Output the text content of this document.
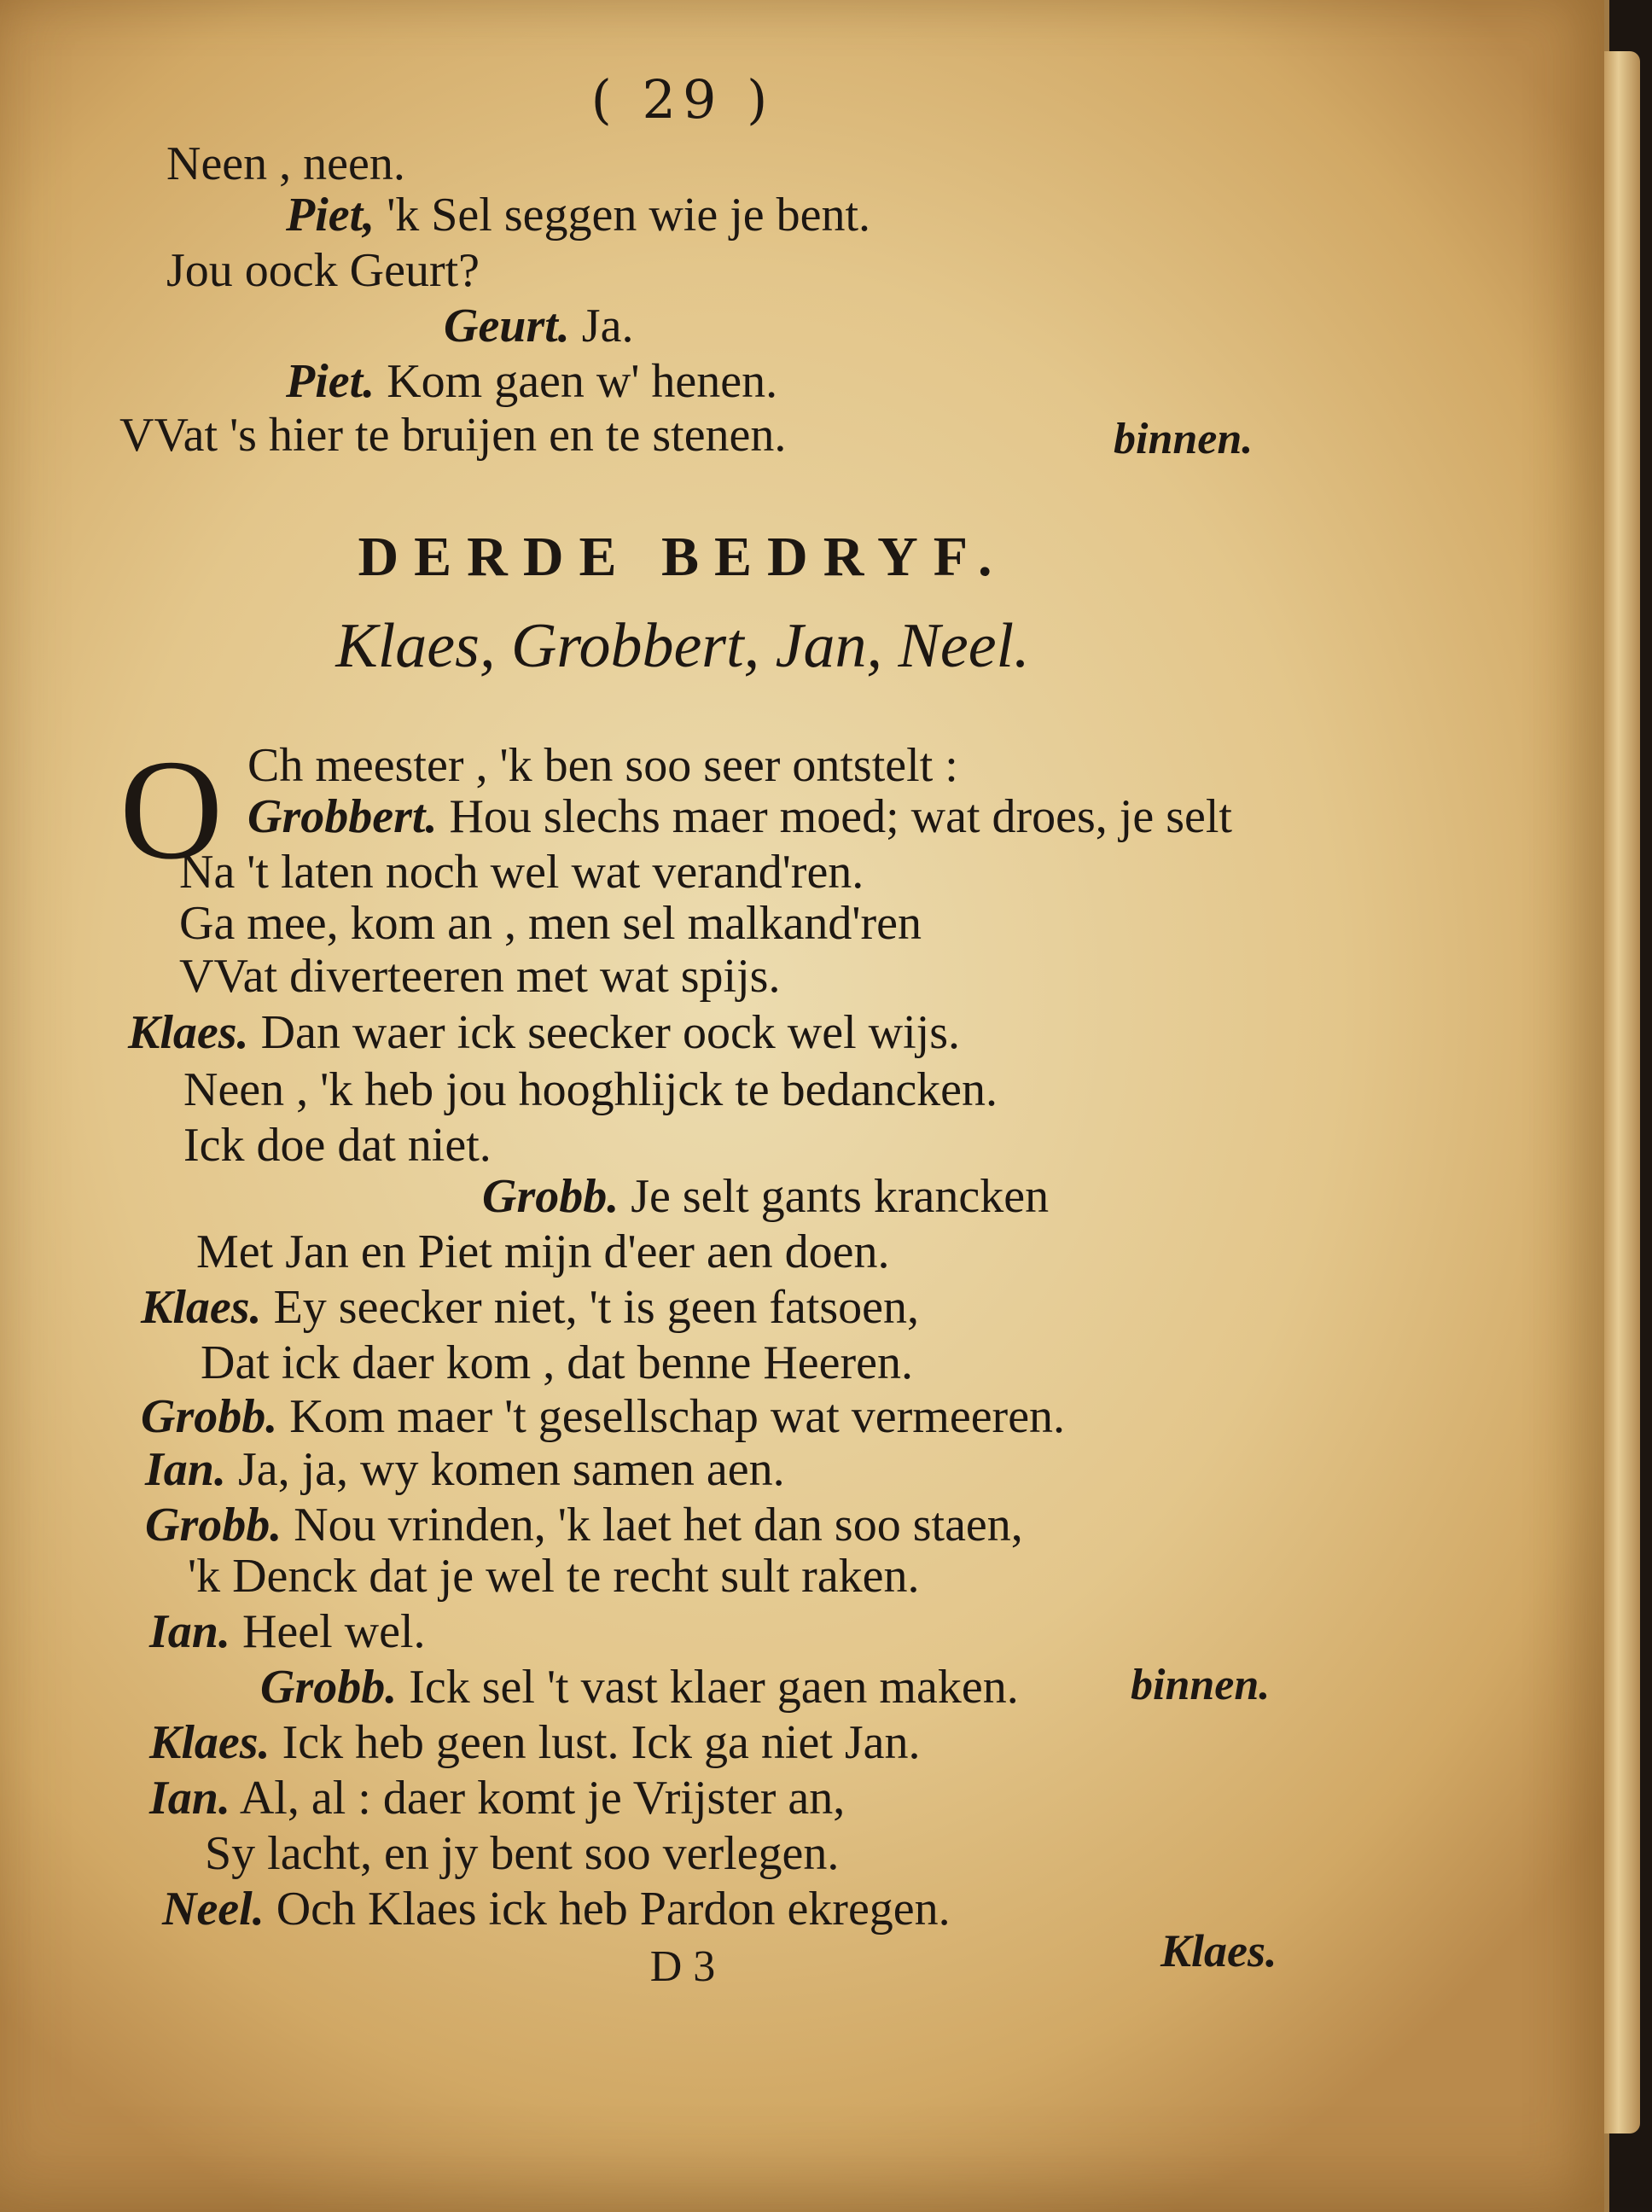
( 29 )
Neen , neen.
Piet, 'k Sel seggen wie je bent.
Jou oock Geurt?
Geurt. Ja.
Piet. Kom gaen w' henen.
VVat 's hier te bruijen en te stenen.	binnen.
DERDE BEDRYF.
Klaes, Grobbert, Jan, Neel.
O Ch meester , 'k ben soo seer ontstelt :
Grobbert. Hou slechs maer moed; wat droes, je selt
Na 't laten noch wel wat verand'ren.
Ga mee, kom an , men sel malkand'ren
VVat diverteeren met wat spijs.
Klaes. Dan waer ick seecker oock wel wijs.
Neen , 'k heb jou hooghlijck te bedancken.
Ick doe dat niet.
Grobb. Je selt gants krancken
Met Jan en Piet mijn d'eer aen doen.
Klaes. Ey seecker niet, 't is geen fatsoen,
Dat ick daer kom , dat benne Heeren.
Grobb. Kom maer 't gesellschap wat vermeeren.
Ian. Ja, ja, wy komen samen aen.
Grobb. Nou vrinden, 'k laet het dan soo staen,
'k Denck dat je wel te recht sult raken.
Ian. Heel wel.
Grobb. Ick sel 't vast klaer gaen maken.	binnen.
Klaes. Ick heb geen lust. Ick ga niet Jan.
Ian. Al, al : daer komt je Vrijster an,
Sy lacht, en jy bent soo verlegen.
Neel. Och Klaes ick heb Pardon ekregen.
D 3	Klaes.
